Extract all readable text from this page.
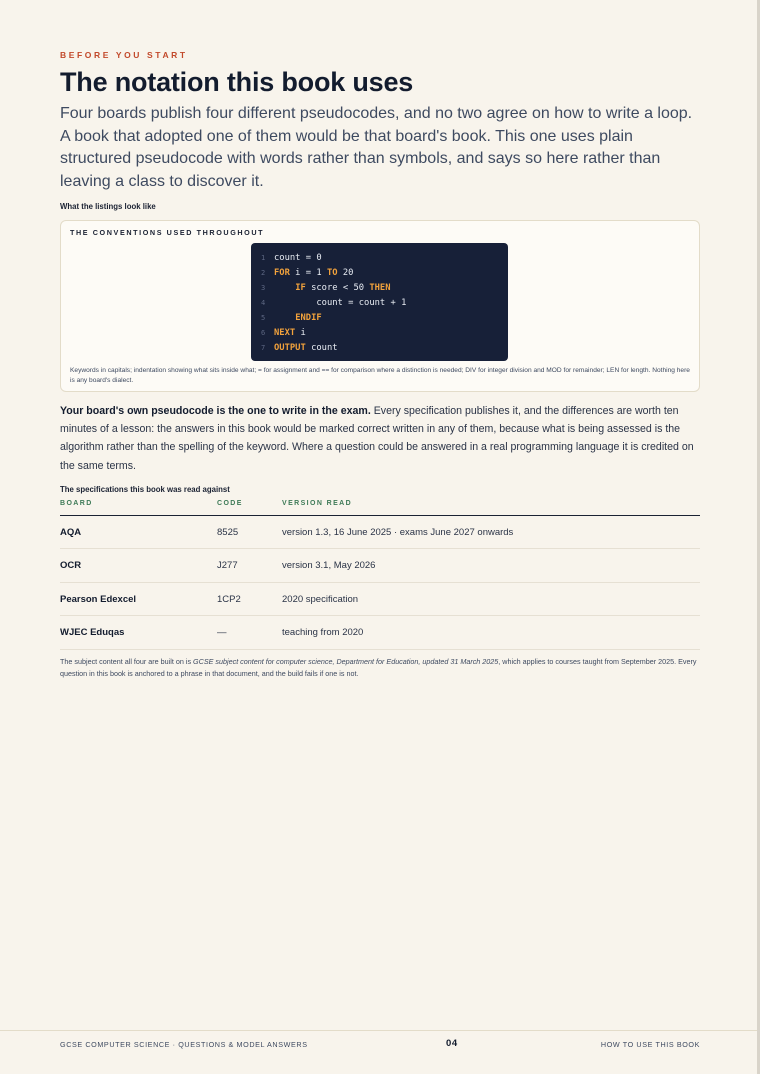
BEFORE YOU START
The notation this book uses

Four boards publish four different pseudocodes, and no two agree on how to write a loop. A book that adopted one of them would be that board's book. This one uses plain structured pseudocode with words rather than symbols, and says so here rather than leaving a class to discover it.

What the listings look like
THE CONVENTIONS USED THROUGHOUT
1 count = 0
2 FOR i = 1 TO 20
3	IF score < 50 THEN
4        count = count + 1
5	ENDIF
6 NEXT i
7 OUTPUT count
Keywords in capitals; indentation showing what sits inside what; = for assignment and == for comparison where a distinction is needed; DIV for integer division and MOD for remainder; LEN for length. Nothing here is any board's dialect.

Your board's own pseudocode is the one to write in the exam. Every specification publishes it, and the differences are worth ten minutes of a lesson: the answers in this book would be marked correct written in any of them, because what is being assessed is the algorithm rather than the spelling of the keyword. Where a question could be answered in a real programming language it is credited on the same terms.

The specifications this book was read against
BOARD	CODE	VERSION READ
AQA	8525	version 1.3, 16 June 2025 · exams June 2027 onwards
OCR	J277	version 3.1, May 2026
Pearson Edexcel	1CP2	2020 specification
WJEC Eduqas	—	teaching from 2020

The subject content all four are built on is GCSE subject content for computer science, Department for Education, updated 31 March 2025, which applies to courses taught from September 2025. Every question in this book is anchored to a phrase in that document, and the build fails if one is not.

GCSE COMPUTER SCIENCE · QUESTIONS & MODEL ANSWERS	04	HOW TO USE THIS BOOK
